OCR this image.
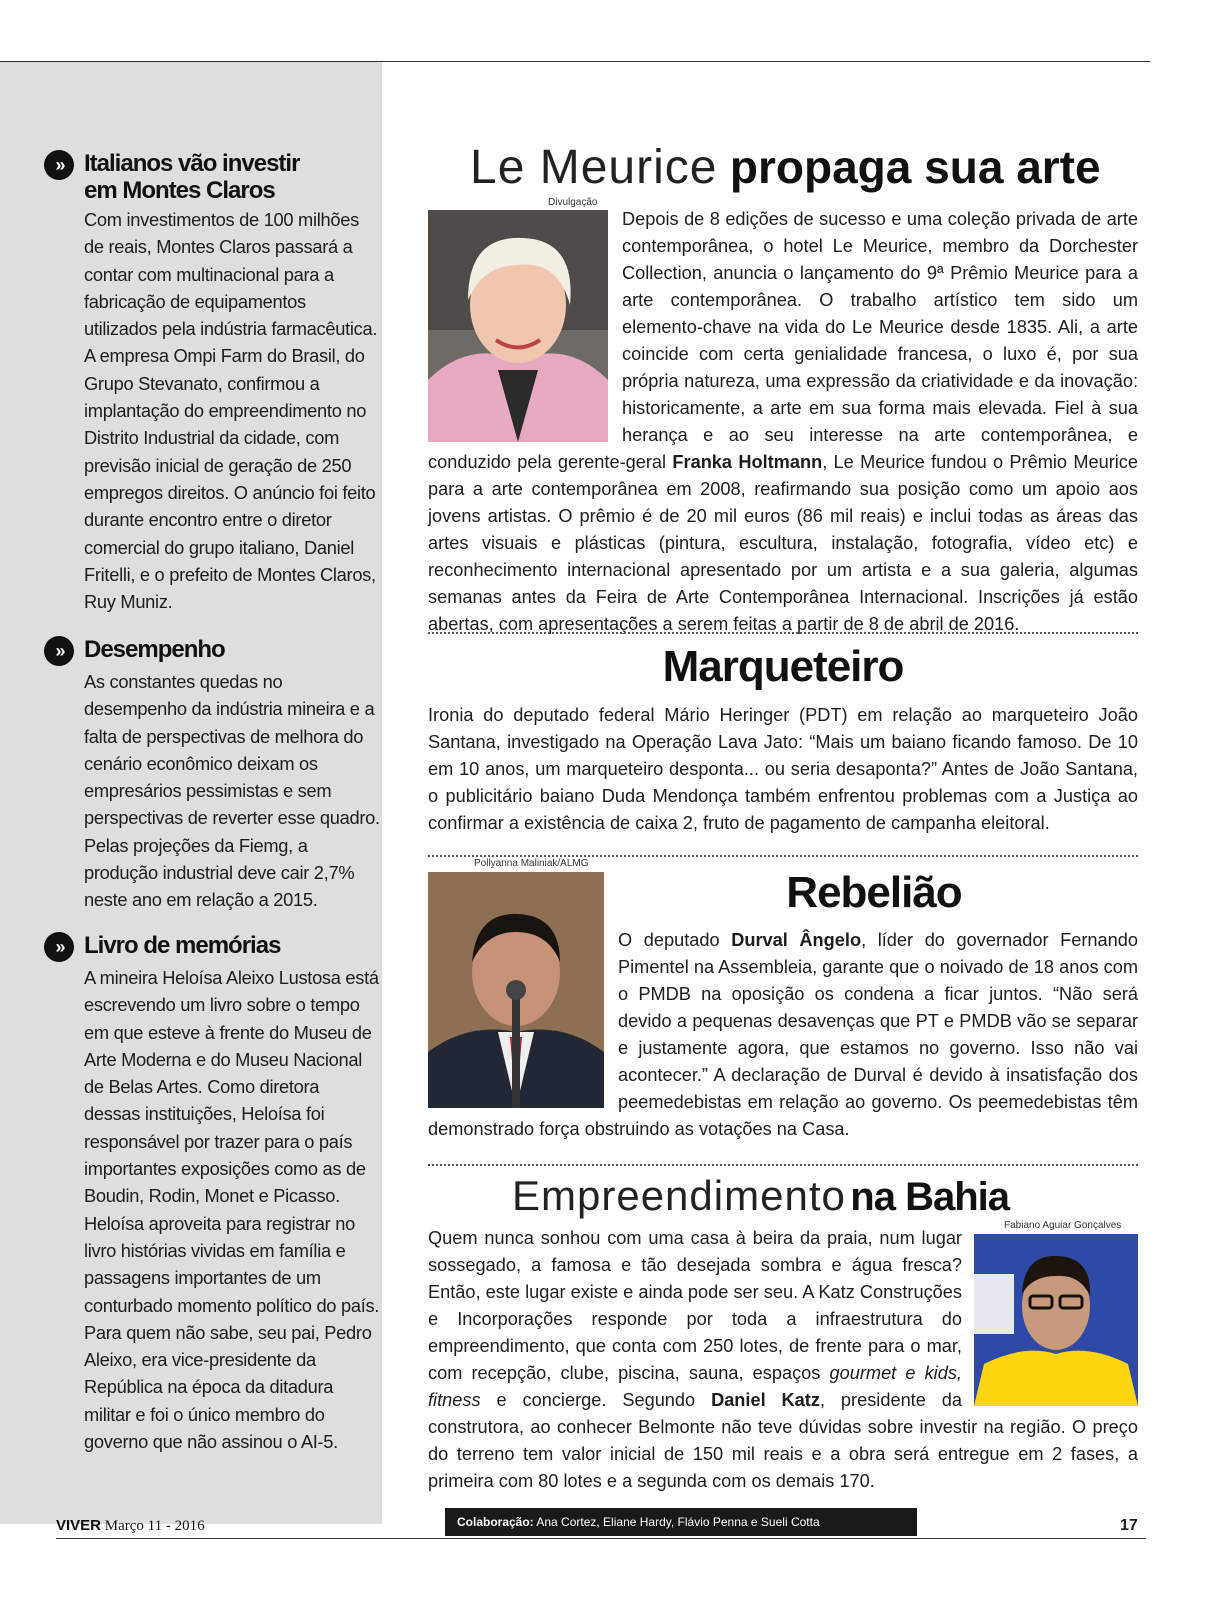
» Italianos vão investir
em Montes Claros
Com investimentos de 100 milhões de reais, Montes Claros passará a contar com multinacional para a fabricação de equipamentos utilizados pela indústria farmacêutica. A empresa Ompi Farm do Brasil, do Grupo Stevanato, confirmou a implantação do empreendimento no Distrito Industrial da cidade, com previsão inicial de geração de 250 empregos direitos. O anúncio foi feito durante encontro entre o diretor comercial do grupo italiano, Daniel Fritelli, e o prefeito de Montes Claros, Ruy Muniz.
» Desempenho
As constantes quedas no desempenho da indústria mineira e a falta de perspectivas de melhora do cenário econômico deixam os empresários pessimistas e sem perspectivas de reverter esse quadro. Pelas projeções da Fiemg, a produção industrial deve cair 2,7% neste ano em relação a 2015.
» Livro de memórias
A mineira Heloísa Aleixo Lustosa está escrevendo um livro sobre o tempo em que esteve à frente do Museu de Arte Moderna e do Museu Nacional de Belas Artes. Como diretora dessas instituições, Heloísa foi responsável por trazer para o país importantes exposições como as de Boudin, Rodin, Monet e Picasso. Heloísa aproveita para registrar no livro histórias vividas em família e passagens importantes de um conturbado momento político do país. Para quem não sabe, seu pai, Pedro Aleixo, era vice-presidente da República na época da ditadura militar e foi o único membro do governo que não assinou o AI-5.
Le Meurice propaga sua arte
Divulgação
Depois de 8 edições de sucesso e uma coleção privada de arte contemporânea, o hotel Le Meurice, membro da Dorchester Collection, anuncia o lançamento do 9ª Prêmio Meurice para a arte contemporânea. O trabalho artístico tem sido um elemento-chave na vida do Le Meurice desde 1835. Ali, a arte coincide com certa genialidade francesa, o luxo é, por sua própria natureza, uma expressão da criatividade e da inovação: historicamente, a arte em sua forma mais elevada. Fiel à sua herança e ao seu interesse na arte contemporânea, e conduzido pela gerente-geral Franka Holtmann, Le Meurice fundou o Prêmio Meurice para a arte contemporânea em 2008, reafirmando sua posição como um apoio aos jovens artistas. O prêmio é de 20 mil euros (86 mil reais) e inclui todas as áreas das artes visuais e plásticas (pintura, escultura, instalação, fotografia, vídeo etc) e reconhecimento internacional apresentado por um artista e a sua galeria, algumas semanas antes da Feira de Arte Contemporânea Internacional. Inscrições já estão abertas, com apresentações a serem feitas a partir de 8 de abril de 2016.
Marqueteiro
Ironia do deputado federal Mário Heringer (PDT) em relação ao marqueteiro João Santana, investigado na Operação Lava Jato: “Mais um baiano ficando famoso. De 10 em 10 anos, um marqueteiro desponta... ou seria desaponta?” Antes de João Santana, o publicitário baiano Duda Mendonça também enfrentou problemas com a Justiça ao confirmar a existência de caixa 2, fruto de pagamento de campanha eleitoral.
Pollyanna Maliniak/ALMG
Rebelião
O deputado Durval Ângelo, líder do governador Fernando Pimentel na Assembleia, garante que o noivado de 18 anos com o PMDB na oposição os condena a ficar juntos. “Não será devido a pequenas desavenças que PT e PMDB vão se separar e justamente agora, que estamos no governo. Isso não vai acontecer.” A declaração de Durval é devido à insatisfação dos peemedebistas em relação ao governo. Os peemedebistas têm demonstrado força obstruindo as votações na Casa.
Empreendimento na Bahia
Fabiano Aguiar Gonçalves
Quem nunca sonhou com uma casa à beira da praia, num lugar sossegado, a famosa e tão desejada sombra e água fresca? Então, este lugar existe e ainda pode ser seu. A Katz Construções e Incorporações responde por toda a infraestrutura do empreendimento, que conta com 250 lotes, de frente para o mar, com recepção, clube, piscina, sauna, espaços gourmet e kids, fitness e concierge. Segundo Daniel Katz, presidente da construtora, ao conhecer Belmonte não teve dúvidas sobre investir na região. O preço do terreno tem valor inicial de 150 mil reais e a obra será entregue em 2 fases, a primeira com 80 lotes e a segunda com os demais 170.
VIVER Março 11 - 2016	Colaboração: Ana Cortez, Eliane Hardy, Flávio Penna e Sueli Cotta	17
